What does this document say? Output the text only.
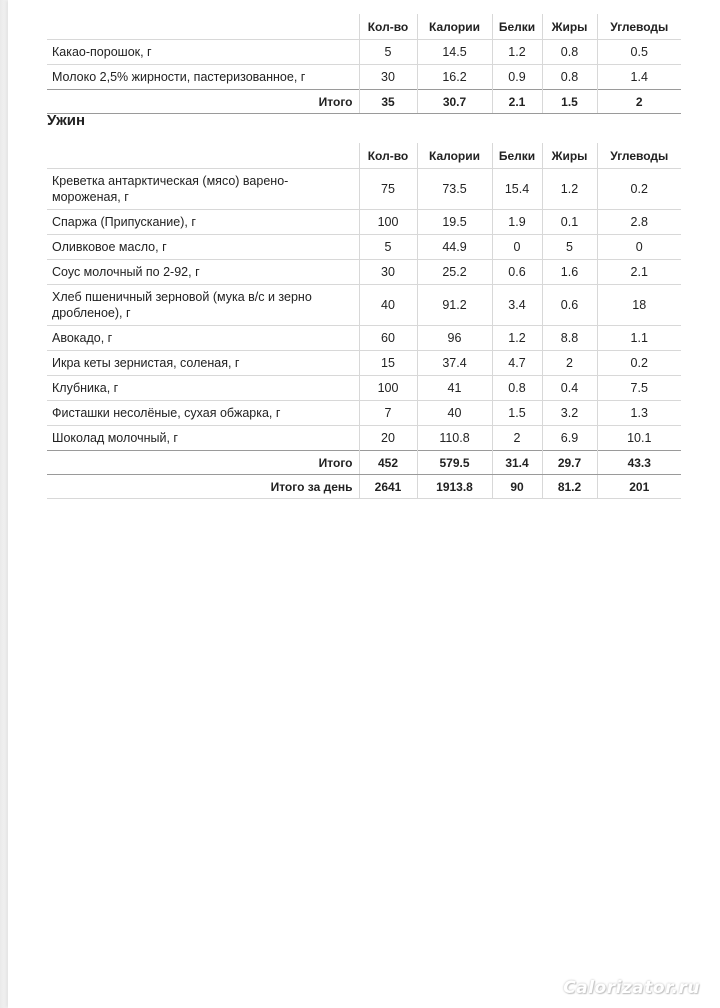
	Кол-во	Калории	Белки	Жиры	Углеводы
Какао-порошок, г	5	14.5	1.2	0.8	0.5
Молоко 2,5% жирности, пастеризованное, г	30	16.2	0.9	0.8	1.4
Итого	35	30.7	2.1	1.5	2
Ужин
	Кол-во	Калории	Белки	Жиры	Углеводы
Креветка антарктическая (мясо) варено-мороженая, г	75	73.5	15.4	1.2	0.2
Спаржа (Припускание), г	100	19.5	1.9	0.1	2.8
Оливковое масло, г	5	44.9	0	5	0
Соус молочный по 2-92, г	30	25.2	0.6	1.6	2.1
Хлеб пшеничный зерновой (мука в/с и зерно дробленое), г	40	91.2	3.4	0.6	18
Авокадо, г	60	96	1.2	8.8	1.1
Икра кеты зернистая, соленая, г	15	37.4	4.7	2	0.2
Клубника, г	100	41	0.8	0.4	7.5
Фисташки несолёные, сухая обжарка, г	7	40	1.5	3.2	1.3
Шоколад молочный, г	20	110.8	2	6.9	10.1
Итого	452	579.5	31.4	29.7	43.3
Итого за день	2641	1913.8	90	81.2	201
Calorizator.ru
